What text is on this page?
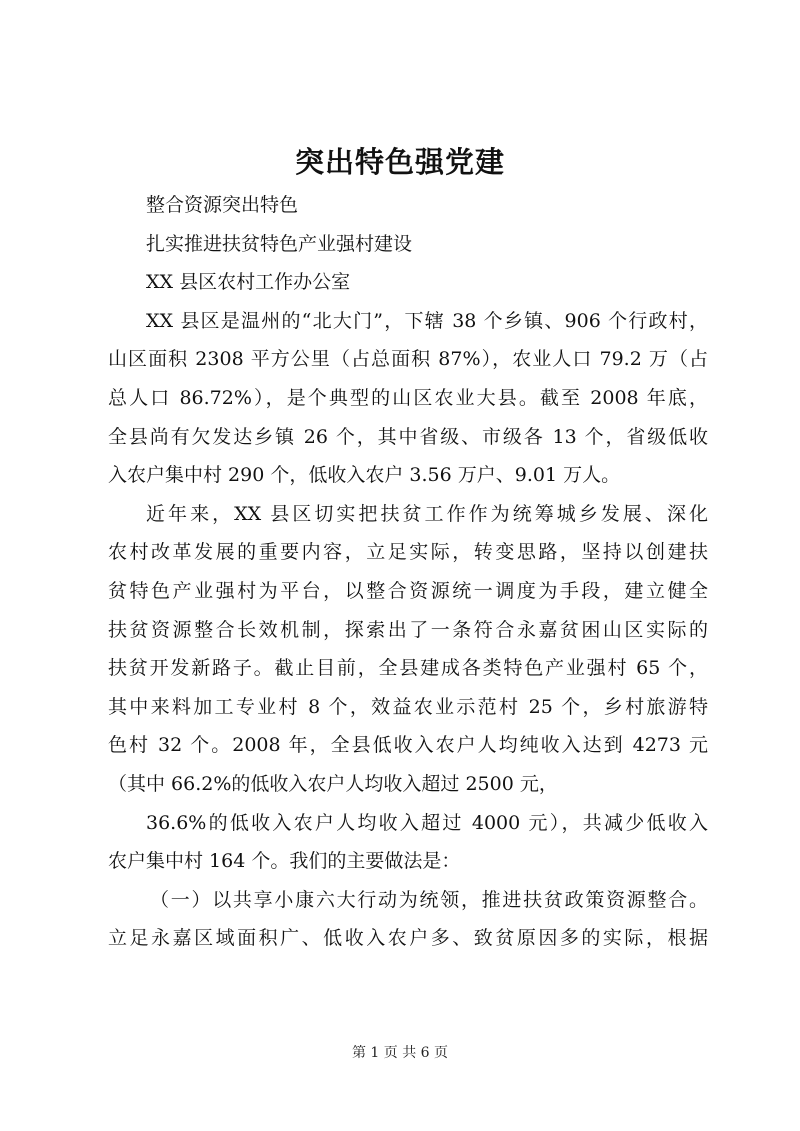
突出特色强党建
整合资源突出特色
扎实推进扶贫特色产业强村建设
XX 县区农村工作办公室
XX 县区是温州的“北大门”，下辖 38 个乡镇、906 个行政村，
山区面积 2308 平方公里（占总面积 87%），农业人口 79.2 万（占
总人口 86.72%），是个典型的山区农业大县。截至 2008 年底，
全县尚有欠发达乡镇 26 个，其中省级、市级各 13 个，省级低收
入农户集中村 290 个，低收入农户 3.56 万户、9.01 万人。
近年来，XX 县区切实把扶贫工作作为统筹城乡发展、深化
农村改革发展的重要内容，立足实际，转变思路，坚持以创建扶
贫特色产业强村为平台，以整合资源统一调度为手段，建立健全
扶贫资源整合长效机制，探索出了一条符合永嘉贫困山区实际的
扶贫开发新路子。截止目前，全县建成各类特色产业强村 65 个，
其中来料加工专业村 8 个，效益农业示范村 25 个，乡村旅游特
色村 32 个。2008 年，全县低收入农户人均纯收入达到 4273 元
（其中 66.2%的低收入农户人均收入超过 2500 元，
36.6%的低收入农户人均收入超过 4000 元），共减少低收入
农户集中村 164 个。我们的主要做法是：
（一）以共享小康六大行动为统领，推进扶贫政策资源整合。
立足永嘉区域面积广、低收入农户多、致贫原因多的实际，根据
第 1 页 共 6 页
